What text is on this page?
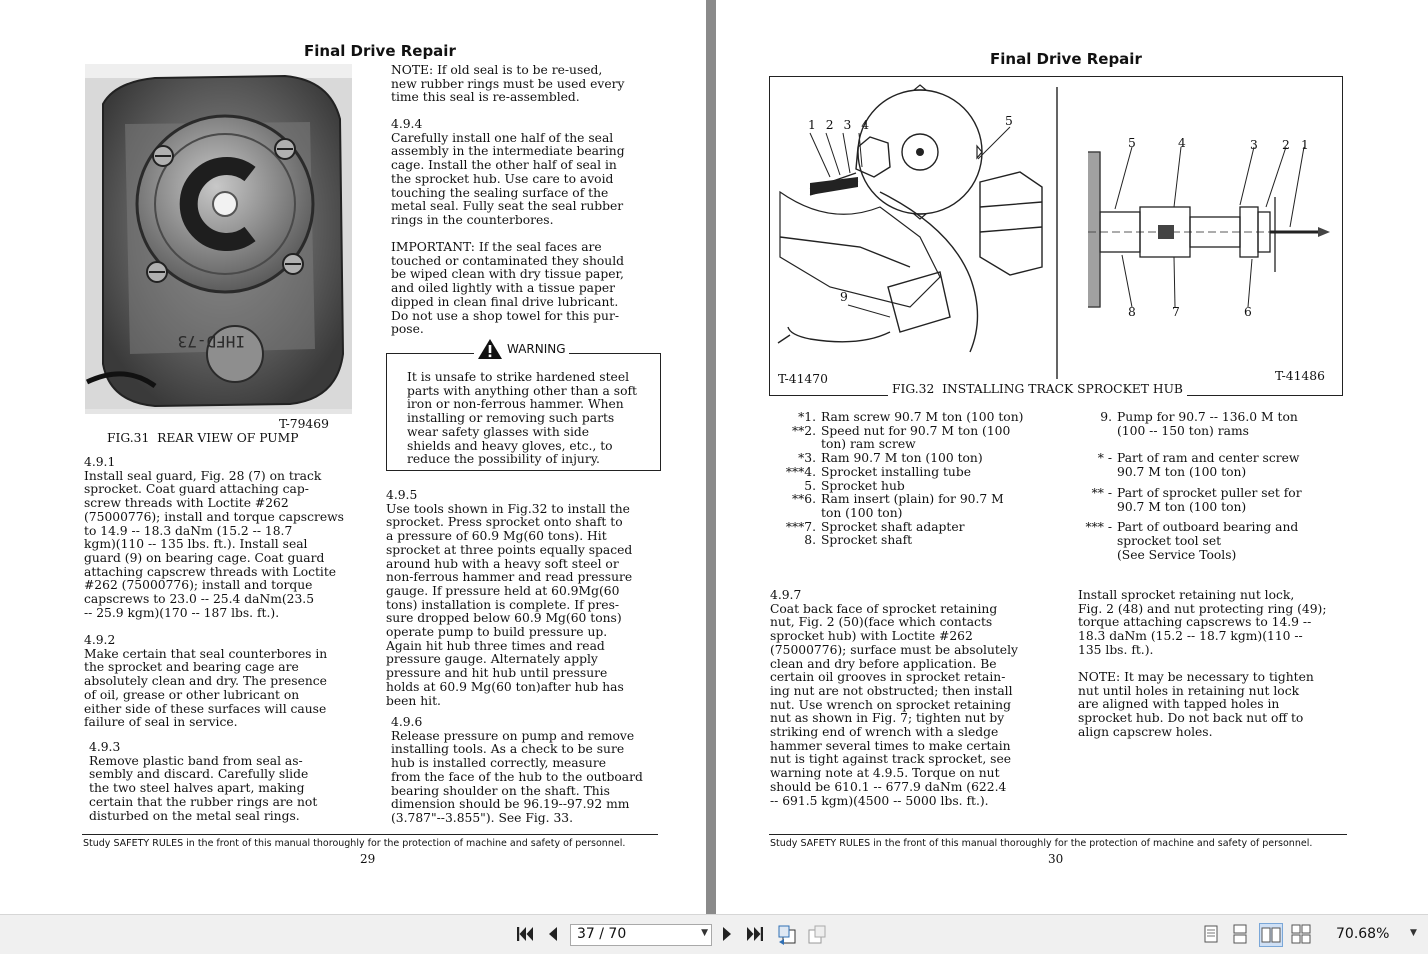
Final Drive Repair
IHFD-73
T-79469
FIG.31  REAR VIEW OF PUMP

4.9.1

Install seal guard, Fig. 28 (7) on track

sprocket. Coat guard attaching cap-

screw threads with Loctite #262

(75000776); install and torque capscrews

to 14.9 -- 18.3 daNm (15.2 -- 18.7

kgm)(110 -- 135 lbs. ft.). Install seal

guard (9) on bearing cage. Coat guard

attaching capscrew threads with Loctite

#262 (75000776); install and torque

capscrews to 23.0 -- 25.4 daNm(23.5

-- 25.9 kgm)(170 -- 187 lbs. ft.).

4.9.2

Make certain that seal counterbores in

the sprocket and bearing cage are

absolutely clean and dry. The presence

of oil, grease or other lubricant on

either side of these surfaces will cause

failure of seal in service.

4.9.3

Remove plastic band from seal as-

sembly and discard. Carefully slide

the two steel halves apart, making

certain that the rubber rings are not

disturbed on the metal seal rings.

NOTE: If old seal is to be re-used,

new rubber rings must be used every

time this seal is re-assembled.

4.9.4

Carefully install one half of the seal

assembly in the intermediate bearing

cage. Install the other half of seal in

the sprocket hub. Use care to avoid

touching the sealing surface of the

metal seal. Fully seat the seal rubber

rings in the counterbores.

IMPORTANT: If the seal faces are

touched or contaminated they should

be wiped clean with dry tissue paper,

and oiled lightly with a tissue paper

dipped in clean final drive lubricant.

Do not use a shop towel for this pur-

pose.

WARNING

It is unsafe to strike hardened steel

parts with anything other than a soft

iron or non-ferrous hammer. When

installing or removing such parts

wear safety glasses with side

shields and heavy gloves, etc., to

reduce the possibility of injury.

4.9.5

Use tools shown in Fig.32 to install the

sprocket. Press sprocket onto shaft to

a pressure of 60.9 Mg(60 tons). Hit

sprocket at three points equally spaced

around hub with a heavy soft steel or

non-ferrous hammer and read pressure

gauge. If pressure held at 60.9Mg(60

tons) installation is complete. If pres-

sure dropped below 60.9 Mg(60 tons)

operate pump to build pressure up.

Again hit hub three times and read

pressure gauge. Alternately apply

pressure and hit hub until pressure

holds at 60.9 Mg(60 ton)after hub has

been hit.

4.9.6

Release pressure on pump and remove

installing tools. As a check to be sure

hub is installed correctly, measure

from the face of the hub to the outboard

bearing shoulder on the shaft. This

dimension should be 96.19--97.92 mm

(3.787"--3.855"). See Fig. 33.

Study SAFETY RULES in the front of this manual thoroughly for the protection of machine and safety of personnel.
29
Final Drive Repair
1 2 3 4	5
9
5	4	3 2 1
8	7	6
T-41470	T-41486
FIG.32  INSTALLING TRACK SPROCKET HUB
*1. Ram screw 90.7 M ton (100 ton)
**2. Speed nut for 90.7 M ton (100
ton) ram screw
*3. Ram 90.7 M ton (100 ton)
***4. Sprocket installing tube
5. Sprocket hub
**6. Ram insert (plain) for 90.7 M
ton (100 ton)
***7. Sprocket shaft adapter
8. Sprocket shaft
9. Pump for 90.7 -- 136.0 M ton
(100 -- 150 ton) rams
* - Part of ram and center screw
90.7 M ton (100 ton)
** - Part of sprocket puller set for
90.7 M ton (100 ton)
*** - Part of outboard bearing and
sprocket tool set
(See Service Tools)

4.9.7

Coat back face of sprocket retaining

nut, Fig. 2 (50)(face which contacts

sprocket hub) with Loctite #262

(75000776); surface must be absolutely

clean and dry before application. Be

certain oil grooves in sprocket retain-

ing nut are not obstructed; then install

nut. Use wrench on sprocket retaining

nut as shown in Fig. 7; tighten nut by

striking end of wrench with a sledge

hammer several times to make certain

nut is tight against track sprocket, see

warning note at 4.9.5. Torque on nut

should be 610.1 -- 677.9 daNm (622.4

-- 691.5 kgm)(4500 -- 5000 lbs. ft.).

Install sprocket retaining nut lock,

Fig. 2 (48) and nut protecting ring (49);

torque attaching capscrews to 14.9 --

18.3 daNm (15.2 -- 18.7 kgm)(110 --

135 lbs. ft.).

NOTE: It may be necessary to tighten

nut until holes in retaining nut lock

are aligned with tapped holes in

sprocket hub. Do not back nut off to

align capscrew holes.

Study SAFETY RULES in the front of this manual thoroughly for the protection of machine and safety of personnel.
30
37 / 70	▼	70.68% ▼
